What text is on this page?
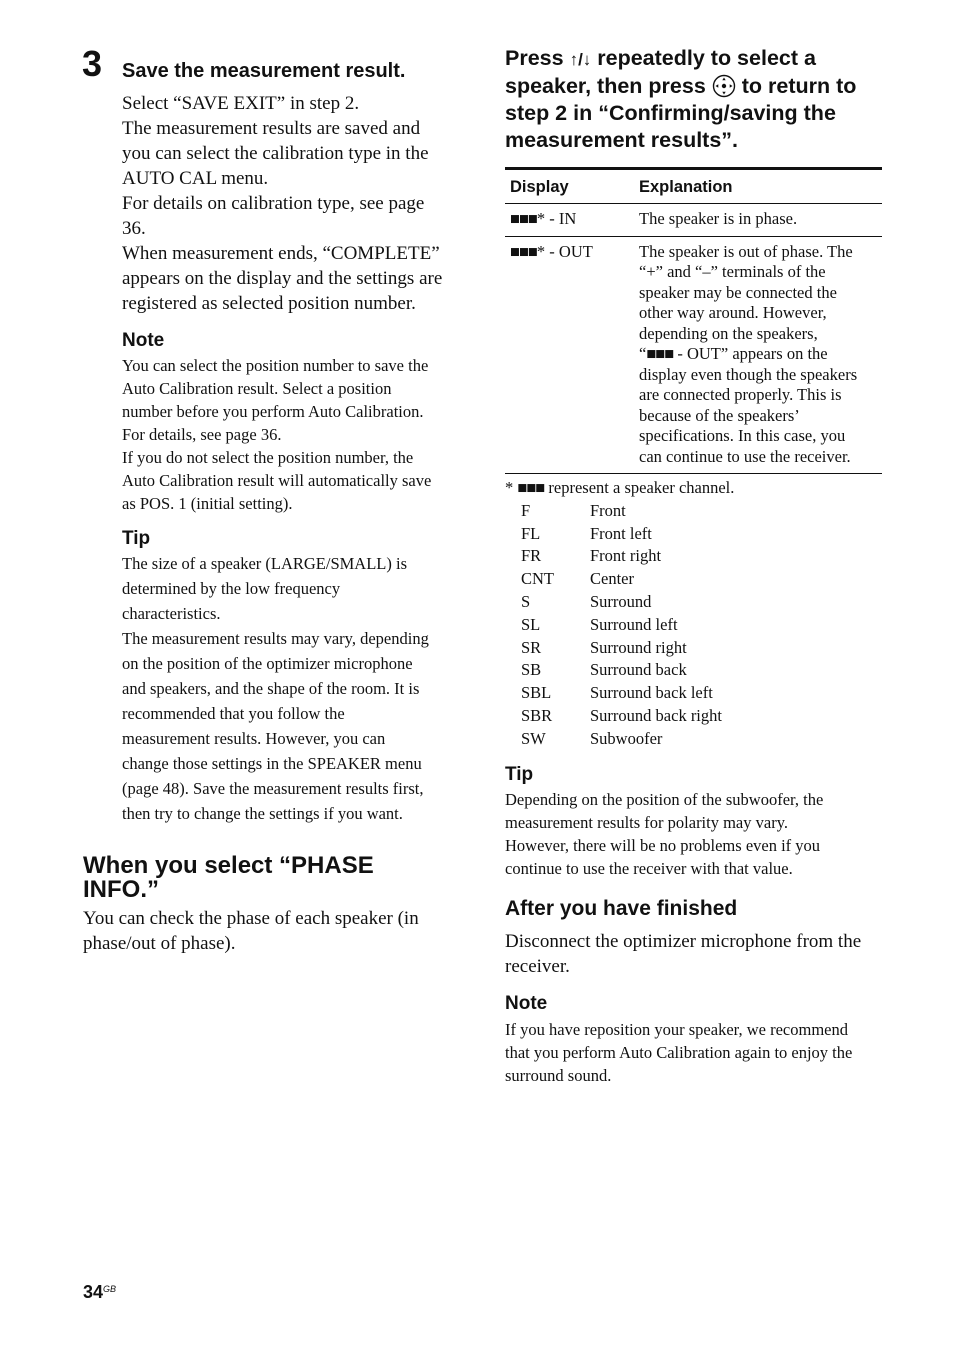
3 Save the measurement result.
Select “SAVE EXIT” in step 2.
The measurement results are saved and
you can select the calibration type in the
AUTO CAL menu.
For details on calibration type, see page
36.
When measurement ends, “COMPLETE”
appears on the display and the settings are
registered as selected position number.
Note
You can select the position number to save the
Auto Calibration result. Select a position
number before you perform Auto Calibration.
For details, see page 36.
If you do not select the position number, the
Auto Calibration result will automatically save
as POS. 1 (initial setting).
Tip
The size of a speaker (LARGE/SMALL) is
determined by the low frequency
characteristics.
The measurement results may vary, depending
on the position of the optimizer microphone
and speakers, and the shape of the room. It is
recommended that you follow the
measurement results. However, you can
change those settings in the SPEAKER menu
(page 48). Save the measurement results first,
then try to change the settings if you want.
When you select “PHASE
INFO.”
You can check the phase of each speaker (in
phase/out of phase).
Press ↑/↓ repeatedly to select a
speaker, then press  to return to
step 2 in “Confirming/saving the
measurement results”.
Display	Explanation
■■■* - IN	The speaker is in phase.
■■■* - OUT	The speaker is out of phase. The
“+” and “–” terminals of the
speaker may be connected the
other way around. However,
depending on the speakers,
“■■■ - OUT” appears on the
display even though the speakers
are connected properly. This is
because of the speakers’
specifications. In this case, you
can continue to use the receiver.
* ■■■ represent a speaker channel.
F	Front
FL	Front left
FR	Front right
CNT	Center
S	Surround
SL	Surround left
SR	Surround right
SB	Surround back
SBL	Surround back left
SBR	Surround back right
SW	Subwoofer
Tip
Depending on the position of the subwoofer, the
measurement results for polarity may vary.
However, there will be no problems even if you
continue to use the receiver with that value.
After you have finished
Disconnect the optimizer microphone from the
receiver.
Note
If you have reposition your speaker, we recommend
that you perform Auto Calibration again to enjoy the
surround sound.
$34^{GB}$
